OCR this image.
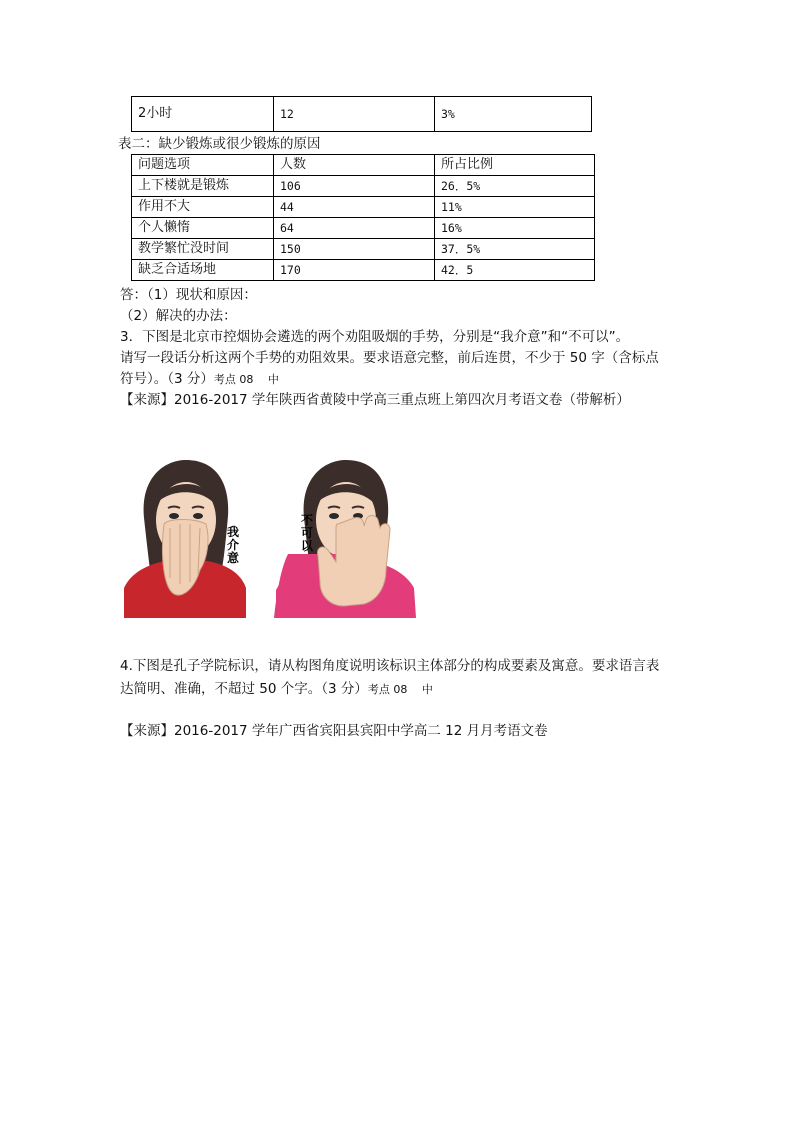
2小时	12	3%
表二：缺少锻炼或很少锻炼的原因
问题选项	人数	所占比例
上下楼就是锻炼	106	26．5%
作用不大	44	11%
个人懒惰	64	16%
教学繁忙没时间	150	37．5%
缺乏合适场地	170	42．5
答：（1）现状和原因：
（2）解决的办法：
3．下图是北京市控烟协会遴选的两个劝阻吸烟的手势，分别是“我介意”和“不可以”。
请写一段话分析这两个手势的劝阻效果。要求语意完整，前后连贯，不少于 50 字（含标点
符号）。（3 分）考点 08　 中
【来源】2016-2017 学年陕西省黄陵中学高三重点班上第四次月考语文卷（带解析）
我介意
不可以
4.下图是孔子学院标识，请从构图角度说明该标识主体部分的构成要素及寓意。要求语言表
达简明、准确，不超过 50 个字。（3 分）考点 08　 中
【来源】2016-2017 学年广西省宾阳县宾阳中学高二 12 月月考语文卷
